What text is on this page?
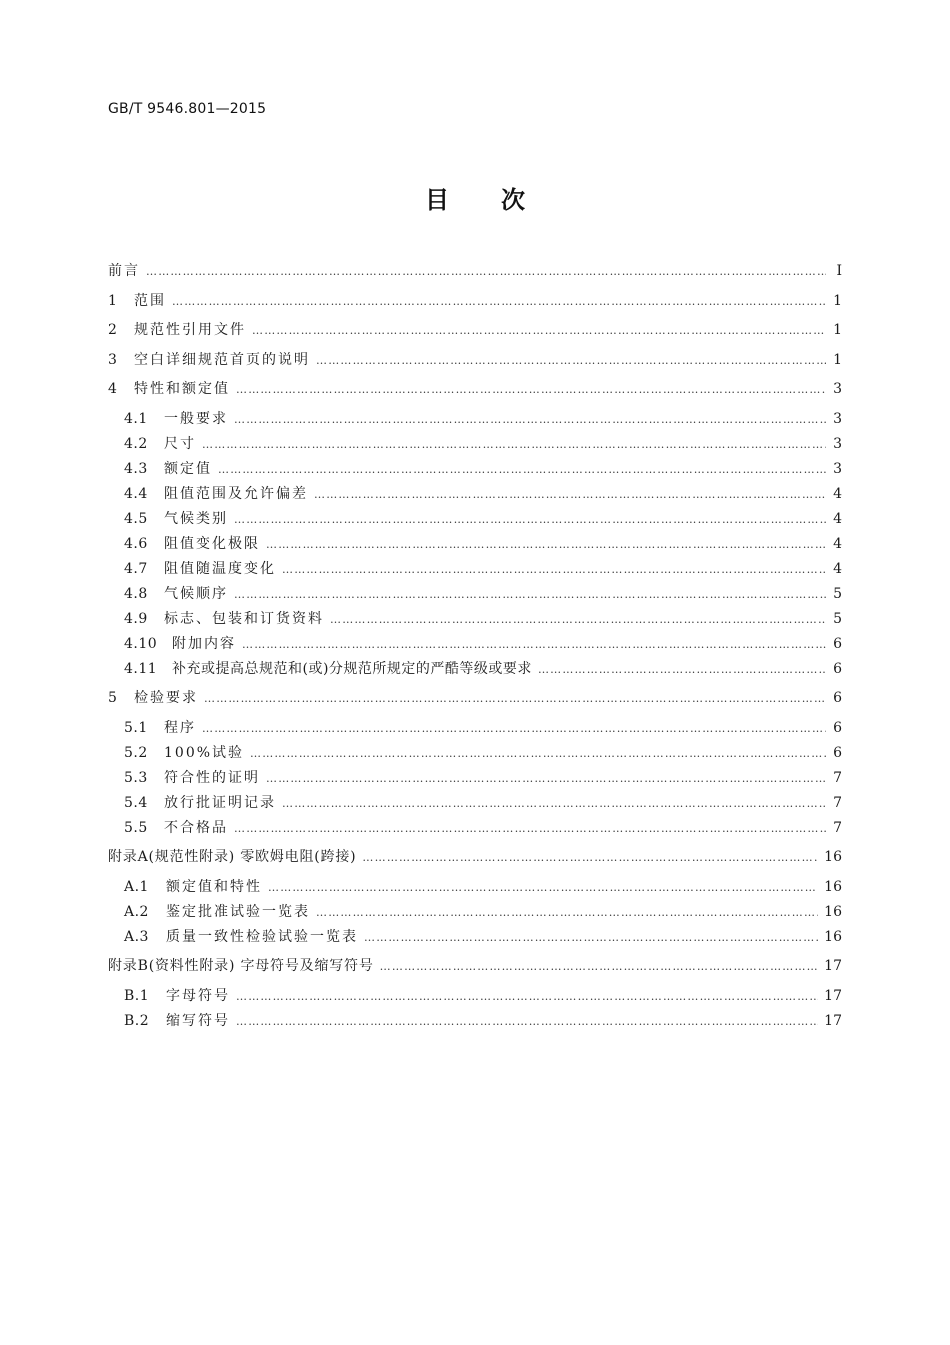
GB/T 9546.801—2015
目次
前言 ………………………………………………………………………………………………………………………………………………………………………………………………………………………………………………………………………………………………………………………	Ⅰ
1	范围 ………………………………………………………………………………………………………………………………………………………………………………………………………………………………………………………………………………………………………………………	1
2	规范性引用文件 ………………………………………………………………………………………………………………………………………………………………………………………………………………………………………………………………………………………………………………………	1
3	空白详细规范首页的说明 ………………………………………………………………………………………………………………………………………………………………………………………………………………………………………………………………………………………………………………………	1
4	特性和额定值 ………………………………………………………………………………………………………………………………………………………………………………………………………………………………………………………………………………………………………………………	3
4.1	一般要求 ………………………………………………………………………………………………………………………………………………………………………………………………………………………………………………………………………………………………………………………	3
4.2	尺寸 ………………………………………………………………………………………………………………………………………………………………………………………………………………………………………………………………………………………………………………………	3
4.3	额定值 ………………………………………………………………………………………………………………………………………………………………………………………………………………………………………………………………………………………………………………………	3
4.4	阻值范围及允许偏差 ………………………………………………………………………………………………………………………………………………………………………………………………………………………………………………………………………………………………………………………	4
4.5	气候类别 ………………………………………………………………………………………………………………………………………………………………………………………………………………………………………………………………………………………………………………………	4
4.6	阻值变化极限 ………………………………………………………………………………………………………………………………………………………………………………………………………………………………………………………………………………………………………………………	4
4.7	阻值随温度变化 ………………………………………………………………………………………………………………………………………………………………………………………………………………………………………………………………………………………………………………………	4
4.8	气候顺序 ………………………………………………………………………………………………………………………………………………………………………………………………………………………………………………………………………………………………………………………	5
4.9	标志、包装和订货资料 ………………………………………………………………………………………………………………………………………………………………………………………………………………………………………………………………………………………………………………………	5
4.10	附加内容 ………………………………………………………………………………………………………………………………………………………………………………………………………………………………………………………………………………………………………………………	6
4.11	补充或提高总规范和(或)分规范所规定的严酷等级或要求 ………………………………………………………………………………………………………………………………………………………………………………………………………………………………………………………………………………………………………………………	6
5	检验要求 ………………………………………………………………………………………………………………………………………………………………………………………………………………………………………………………………………………………………………………………	6
5.1	程序 ………………………………………………………………………………………………………………………………………………………………………………………………………………………………………………………………………………………………………………………	6
5.2	100%试验 ………………………………………………………………………………………………………………………………………………………………………………………………………………………………………………………………………………………………………………………	6
5.3	符合性的证明 ………………………………………………………………………………………………………………………………………………………………………………………………………………………………………………………………………………………………………………………	7
5.4	放行批证明记录 ………………………………………………………………………………………………………………………………………………………………………………………………………………………………………………………………………………………………………………………	7
5.5	不合格品 ………………………………………………………………………………………………………………………………………………………………………………………………………………………………………………………………………………………………………………………	7
附录A(规范性附录) 零欧姆电阻(跨接) ………………………………………………………………………………………………………………………………………………………………………………………………………………………………………………………………………………………………………………………	16
A.1	额定值和特性 ………………………………………………………………………………………………………………………………………………………………………………………………………………………………………………………………………………………………………………………	16
A.2	鉴定批准试验一览表 ………………………………………………………………………………………………………………………………………………………………………………………………………………………………………………………………………………………………………………………	16
A.3	质量一致性检验试验一览表 ………………………………………………………………………………………………………………………………………………………………………………………………………………………………………………………………………………………………………………………	16
附录B(资料性附录) 字母符号及缩写符号 ………………………………………………………………………………………………………………………………………………………………………………………………………………………………………………………………………………………………………………………	17
B.1	字母符号 ………………………………………………………………………………………………………………………………………………………………………………………………………………………………………………………………………………………………………………………	17
B.2	缩写符号 ………………………………………………………………………………………………………………………………………………………………………………………………………………………………………………………………………………………………………………………	17
